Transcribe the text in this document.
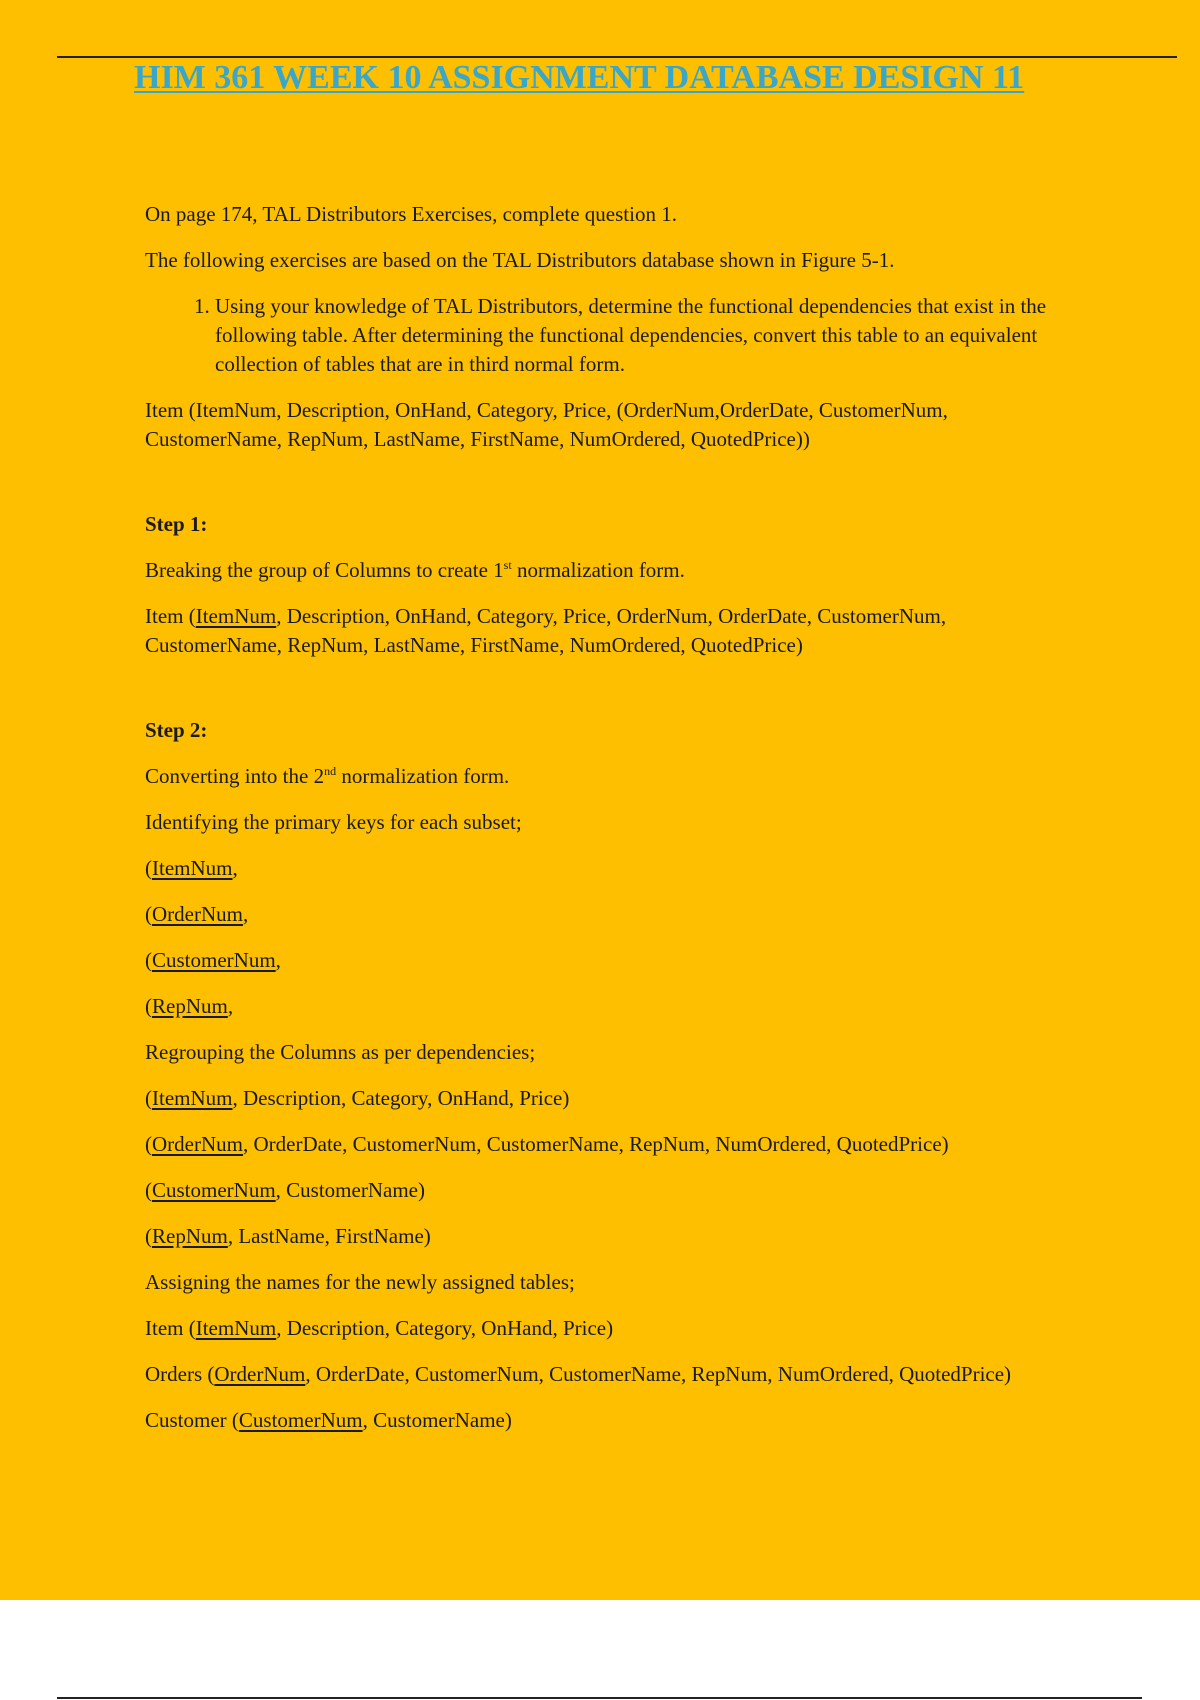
HIM 361 WEEK 10 ASSIGNMENT DATABASE DESIGN 11

On page 174, TAL Distributors Exercises, complete question 1.

The following exercises are based on the TAL Distributors database shown in Figure 5-1.

1. Using your knowledge of TAL Distributors, determine the functional dependencies that exist in the following table. After determining the functional dependencies, convert this table to an equivalent collection of tables that are in third normal form.

Item (ItemNum, Description, OnHand, Category, Price, (OrderNum,OrderDate, CustomerNum, CustomerName, RepNum, LastName, FirstName, NumOrdered, QuotedPrice))

Step 1:

Breaking the group of Columns to create 1st normalization form.

Item (ItemNum, Description, OnHand, Category, Price, OrderNum, OrderDate, CustomerNum, CustomerName, RepNum, LastName, FirstName, NumOrdered, QuotedPrice)

Step 2:

Converting into the 2nd normalization form.

Identifying the primary keys for each subset;

(ItemNum,

(OrderNum,

(CustomerNum,

(RepNum,

Regrouping the Columns as per dependencies;

(ItemNum, Description, Category, OnHand, Price)

(OrderNum, OrderDate, CustomerNum, CustomerName, RepNum, NumOrdered, QuotedPrice)

(CustomerNum, CustomerName)

(RepNum, LastName, FirstName)

Assigning the names for the newly assigned tables;

Item (ItemNum, Description, Category, OnHand, Price)

Orders (OrderNum, OrderDate, CustomerNum, CustomerName, RepNum, NumOrdered, QuotedPrice)

Customer (CustomerNum, CustomerName)
